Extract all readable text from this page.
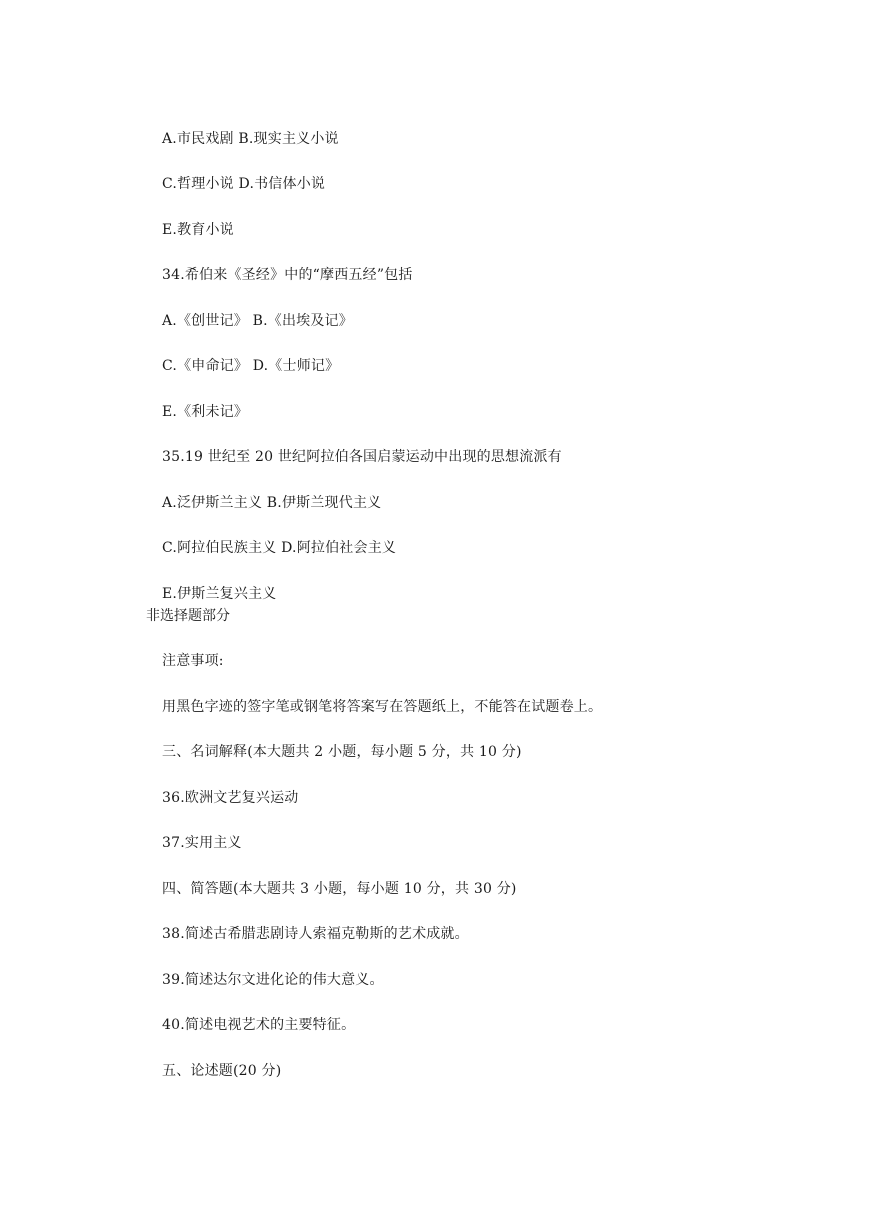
A.市民戏剧 B.现实主义小说
C.哲理小说 D.书信体小说
E.教育小说
34.希伯来《圣经》中的“摩西五经”包括
A.《创世记》 B.《出埃及记》
C.《申命记》 D.《士师记》
E.《利未记》
35.19 世纪至 20 世纪阿拉伯各国启蒙运动中出现的思想流派有
A.泛伊斯兰主义 B.伊斯兰现代主义
C.阿拉伯民族主义 D.阿拉伯社会主义
E.伊斯兰复兴主义
非选择题部分
注意事项:
用黑色字迹的签字笔或钢笔将答案写在答题纸上，不能答在试题卷上。
三、名词解释(本大题共 2 小题，每小题 5 分，共 10 分)
36.欧洲文艺复兴运动
37.实用主义
四、简答题(本大题共 3 小题，每小题 10 分，共 30 分)
38.简述古希腊悲剧诗人索福克勒斯的艺术成就。
39.简述达尔文进化论的伟大意义。
40.简述电视艺术的主要特征。
五、论述题(20 分)
